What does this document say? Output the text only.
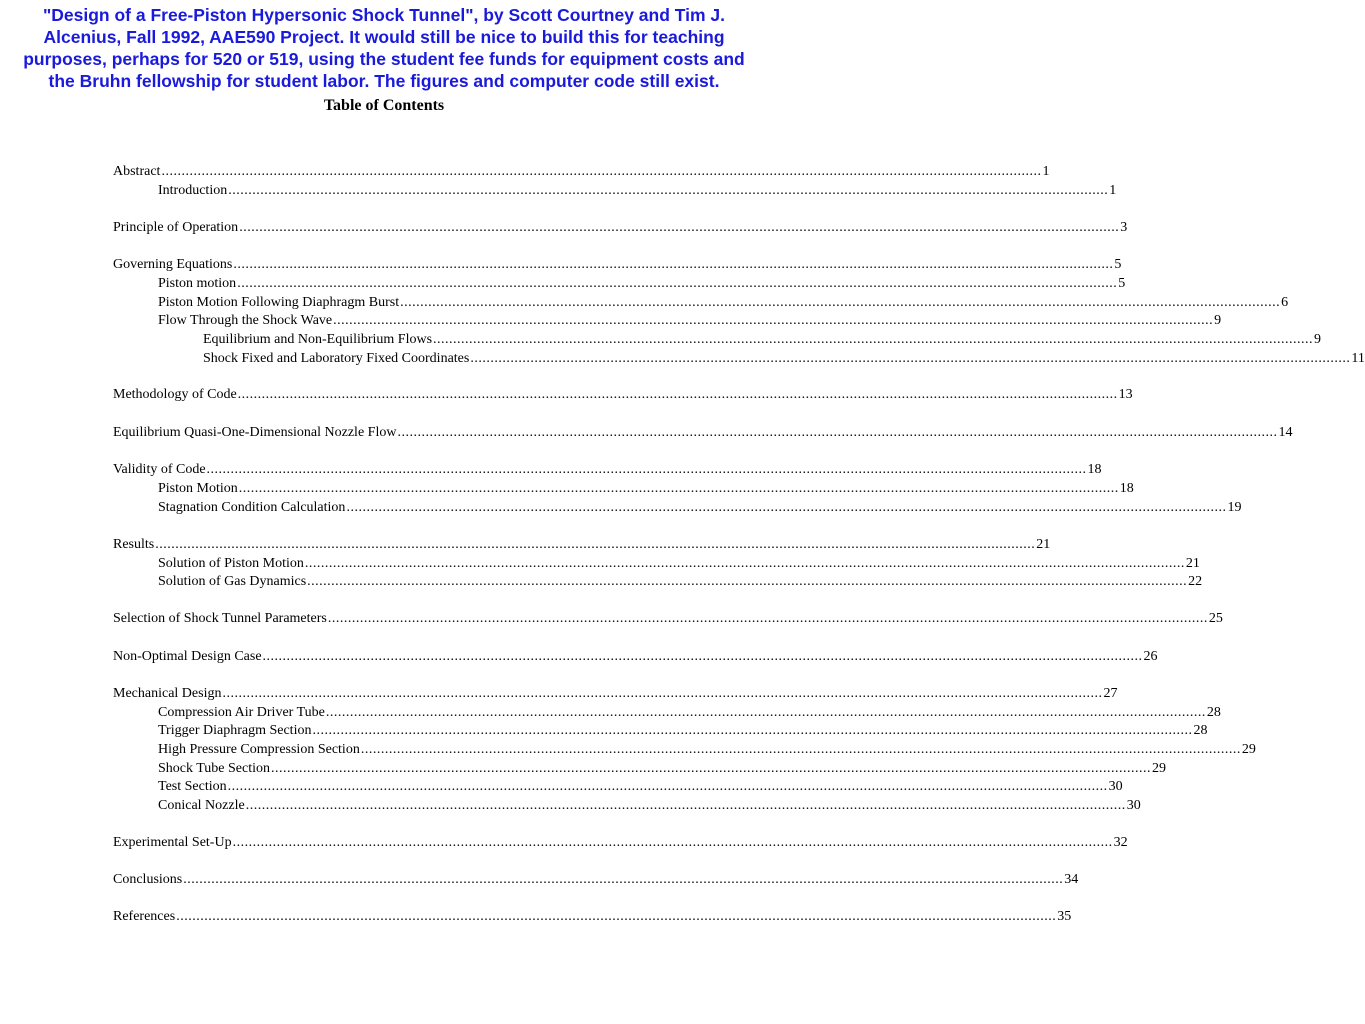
"Design of a Free-Piston Hypersonic Shock Tunnel", by Scott Courtney and Tim J. Alcenius, Fall 1992, AAE590 Project. It would still be nice to build this for teaching purposes, perhaps for 520 or 519, using the student fee funds for equipment costs and the Bruhn fellowship for student labor. The figures and computer code still exist.
Table of Contents
Abstract ............................................................................................................................................................................................................................ 1
Introduction ............................................................................................................................................................................................................................ 1
Principle of Operation ............................................................................................................................................................................................................................ 3
Governing Equations ............................................................................................................................................................................................................................ 5
Piston motion ............................................................................................................................................................................................................................ 5
Piston Motion Following Diaphragm Burst ............................................................................................................................................................................................................................ 6
Flow Through the Shock Wave ............................................................................................................................................................................................................................ 9
Equilibrium and Non-Equilibrium Flows ............................................................................................................................................................................................................................ 9
Shock Fixed and Laboratory Fixed Coordinates ............................................................................................................................................................................................................................ 11
Methodology of Code ............................................................................................................................................................................................................................ 13
Equilibrium Quasi-One-Dimensional Nozzle Flow ............................................................................................................................................................................................................................ 14
Validity of Code ............................................................................................................................................................................................................................ 18
Piston Motion ............................................................................................................................................................................................................................ 18
Stagnation Condition Calculation ............................................................................................................................................................................................................................ 19
Results ............................................................................................................................................................................................................................ 21
Solution of Piston Motion ............................................................................................................................................................................................................................ 21
Solution of Gas Dynamics ............................................................................................................................................................................................................................ 22
Selection of Shock Tunnel Parameters ............................................................................................................................................................................................................................ 25
Non-Optimal Design Case ............................................................................................................................................................................................................................ 26
Mechanical Design ............................................................................................................................................................................................................................ 27
Compression Air Driver Tube ............................................................................................................................................................................................................................ 28
Trigger Diaphragm Section ............................................................................................................................................................................................................................ 28
High Pressure Compression Section ............................................................................................................................................................................................................................ 29
Shock Tube Section ............................................................................................................................................................................................................................ 29
Test Section ............................................................................................................................................................................................................................ 30
Conical Nozzle ............................................................................................................................................................................................................................ 30
Experimental Set-Up ............................................................................................................................................................................................................................ 32
Conclusions ............................................................................................................................................................................................................................ 34
References ............................................................................................................................................................................................................................ 35
